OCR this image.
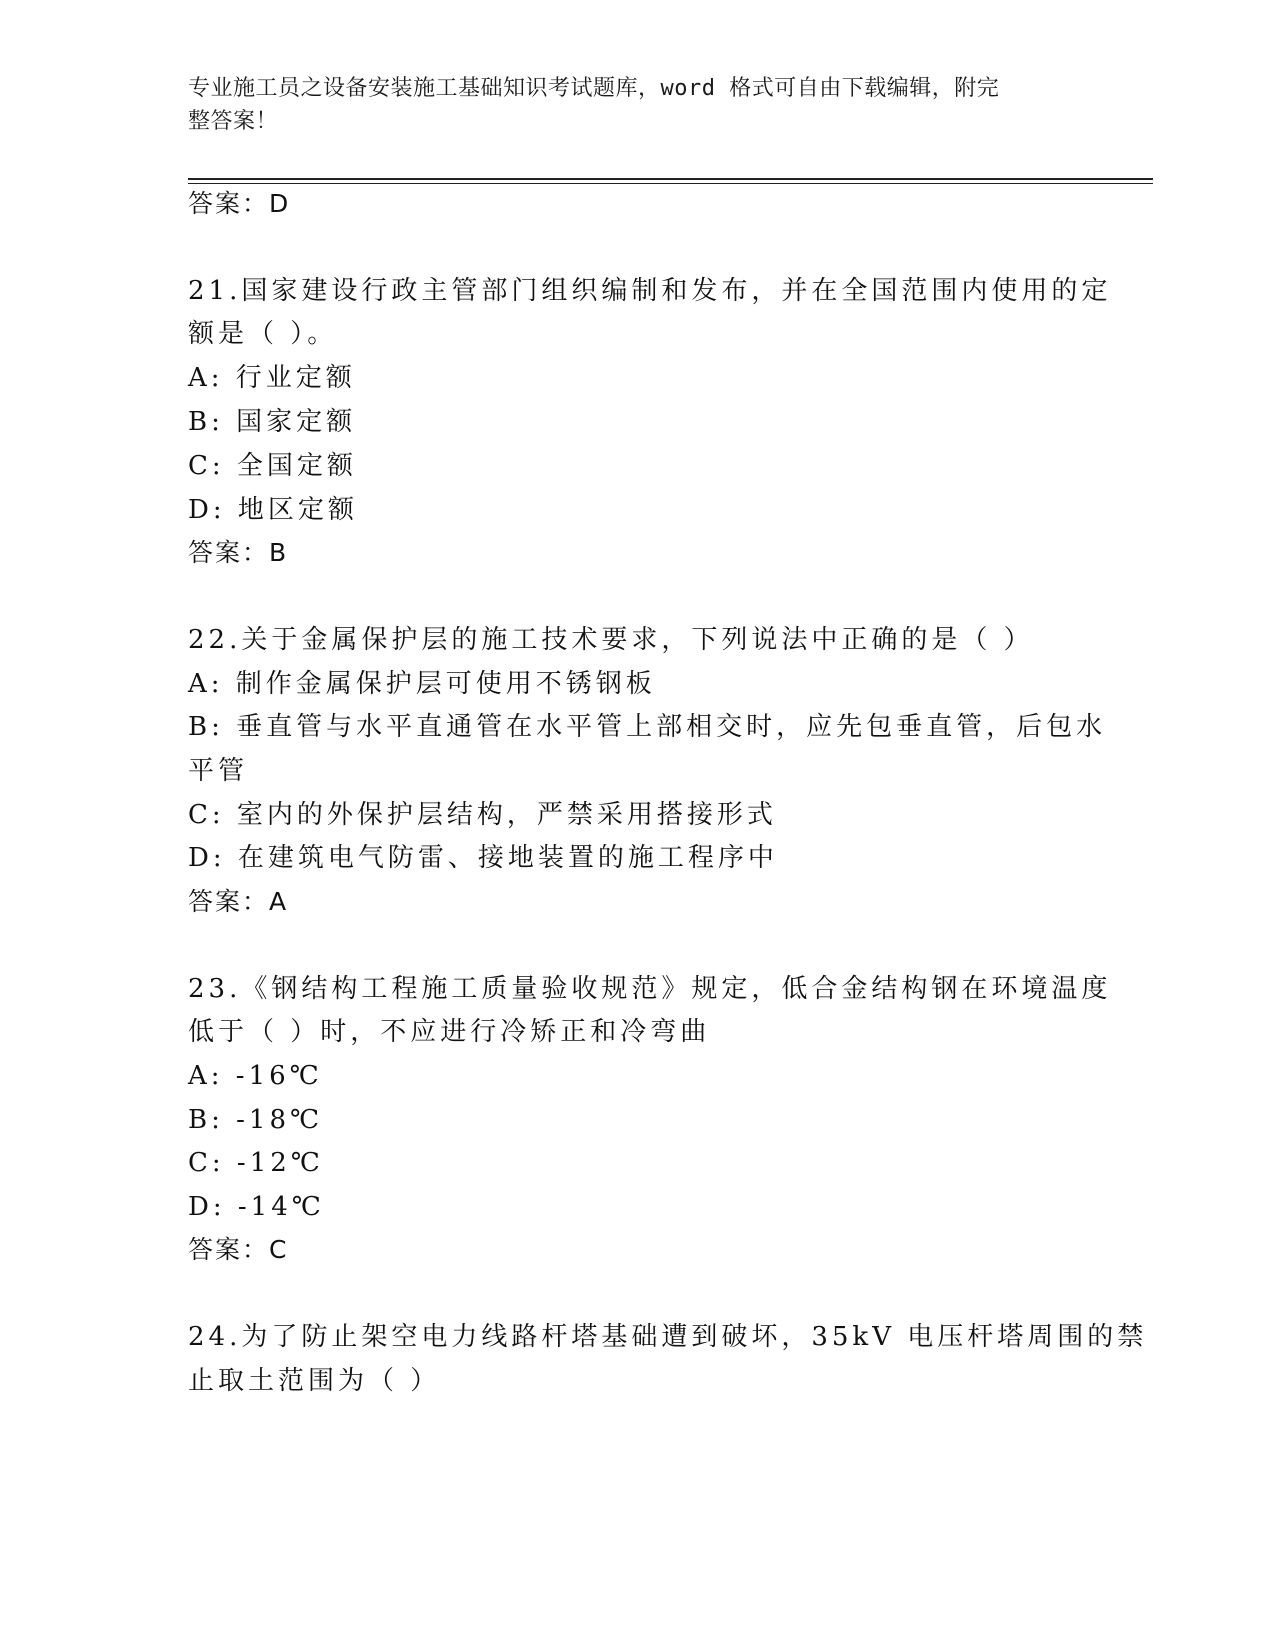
专业施工员之设备安装施工基础知识考试题库，word 格式可自由下载编辑，附完
整答案！
答案：D
21.国家建设行政主管部门组织编制和发布，并在全国范围内使用的定
额是（ ）。
A: 行业定额
B: 国家定额
C: 全国定额
D: 地区定额
答案：B
22.关于金属保护层的施工技术要求，下列说法中正确的是（ ）
A: 制作金属保护层可使用不锈钢板
B: 垂直管与水平直通管在水平管上部相交时，应先包垂直管，后包水
平管
C: 室内的外保护层结构，严禁采用搭接形式
D: 在建筑电气防雷、接地装置的施工程序中
答案：A
23.《钢结构工程施工质量验收规范》规定，低合金结构钢在环境温度
低于（ ）时，不应进行冷矫正和冷弯曲
A: -16℃
B: -18℃
C: -12℃
D: -14℃
答案：C
24.为了防止架空电力线路杆塔基础遭到破坏，35kV 电压杆塔周围的禁
止取土范围为（ ）
